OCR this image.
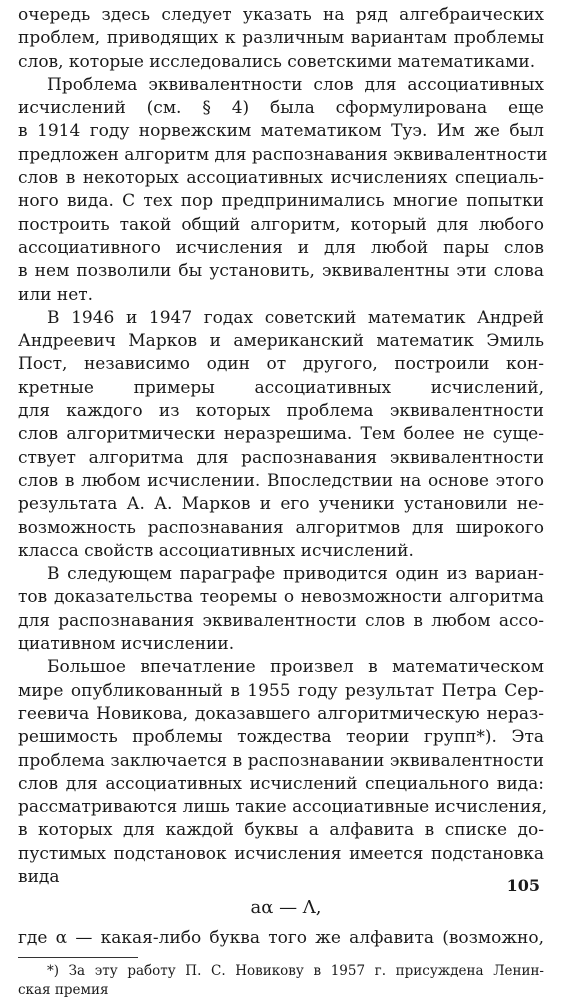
очередь здесь следует указать на ряд алгебраических
проблем, приводящих к различным вариантам проблемы
слов, которые исследовались советскими математиками.
Проблема эквивалентности слов для ассоциативных
исчислений (см. § 4) была сформулирована еще
в 1914 году норвежским математиком Туэ. Им же был
предложен алгоритм для распознавания эквивалентности
слов в некоторых ассоциативных исчислениях специаль-
ного вида. С тех пор предпринимались многие попытки
построить такой общий алгоритм, который для любого
ассоциативного исчисления и для любой пары слов
в нем позволили бы установить, эквивалентны эти слова
или нет.
В 1946 и 1947 годах советский математик Андрей
Андреевич Марков и американский математик Эмиль
Пост, независимо один от другого, построили кон-
кретные примеры ассоциативных исчислений,
для каждого из которых проблема эквивалентности
слов алгоритмически неразрешима. Тем более не суще-
ствует алгоритма для распознавания эквивалентности
слов в любом исчислении. Впоследствии на основе этого
результата А. А. Марков и его ученики установили не-
возможность распознавания алгоритмов для широкого
класса свойств ассоциативных исчислений.
В следующем параграфе приводится один из вариан-
тов доказательства теоремы о невозможности алгоритма
для распознавания эквивалентности слов в любом ассо-
циативном исчислении.
Большое впечатление произвел в математическом
мире опубликованный в 1955 году результат Петра Сер-
геевича Новикова, доказавшего алгоритмическую нераз-
решимость проблемы тождества теории групп*). Эта
проблема заключается в распознавании эквивалентности
слов для ассоциативных исчислений специального вида:
рассматриваются лишь такие ассоциативные исчисления,
в которых для каждой буквы a алфавита в списке до-
пустимых подстановок исчисления имеется подстановка
вида
aα — Λ,
где α — какая-либо буква того же алфавита (возможно,
*) За эту работу П. С. Новикову в 1957 г. присуждена Ленин-
ская премия
105
